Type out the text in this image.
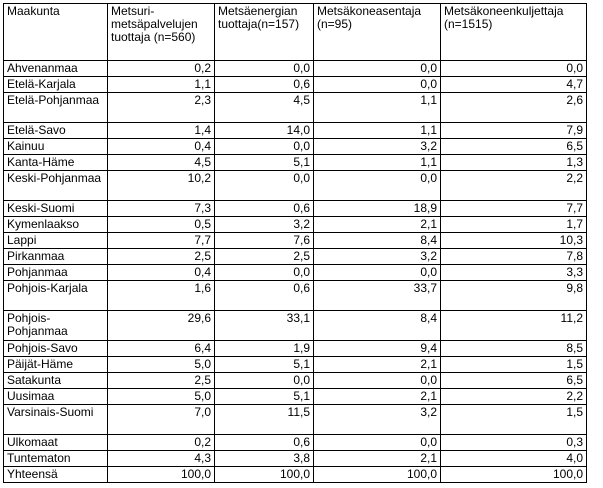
Maakunta	Metsuri-metsäpalvelujen tuottaja (n=560)	Metsäenergian tuottaja(n=157)	Metsäkoneasentaja (n=95)	Metsäkoneenkuljettaja (n=1515)
Ahvenanmaa	0,2	0,0	0,0	0,0
Etelä-Karjala	1,1	0,6	0,0	4,7
Etelä-Pohjanmaa	2,3	4,5	1,1	2,6
Etelä-Savo	1,4	14,0	1,1	7,9
Kainuu	0,4	0,0	3,2	6,5
Kanta-Häme	4,5	5,1	1,1	1,3
Keski-Pohjanmaa	10,2	0,0	0,0	2,2
Keski-Suomi	7,3	0,6	18,9	7,7
Kymenlaakso	0,5	3,2	2,1	1,7
Lappi	7,7	7,6	8,4	10,3
Pirkanmaa	2,5	2,5	3,2	7,8
Pohjanmaa	0,4	0,0	0,0	3,3
Pohjois-Karjala	1,6	0,6	33,7	9,8
Pohjois-Pohjanmaa	29,6	33,1	8,4	11,2
Pohjois-Savo	6,4	1,9	9,4	8,5
Päijät-Häme	5,0	5,1	2,1	1,5
Satakunta	2,5	0,0	0,0	6,5
Uusimaa	5,0	5,1	2,1	2,2
Varsinais-Suomi	7,0	11,5	3,2	1,5
Ulkomaat	0,2	0,6	0,0	0,3
Tuntematon	4,3	3,8	2,1	4,0
Yhteensä	100,0	100,0	100,0	100,0
